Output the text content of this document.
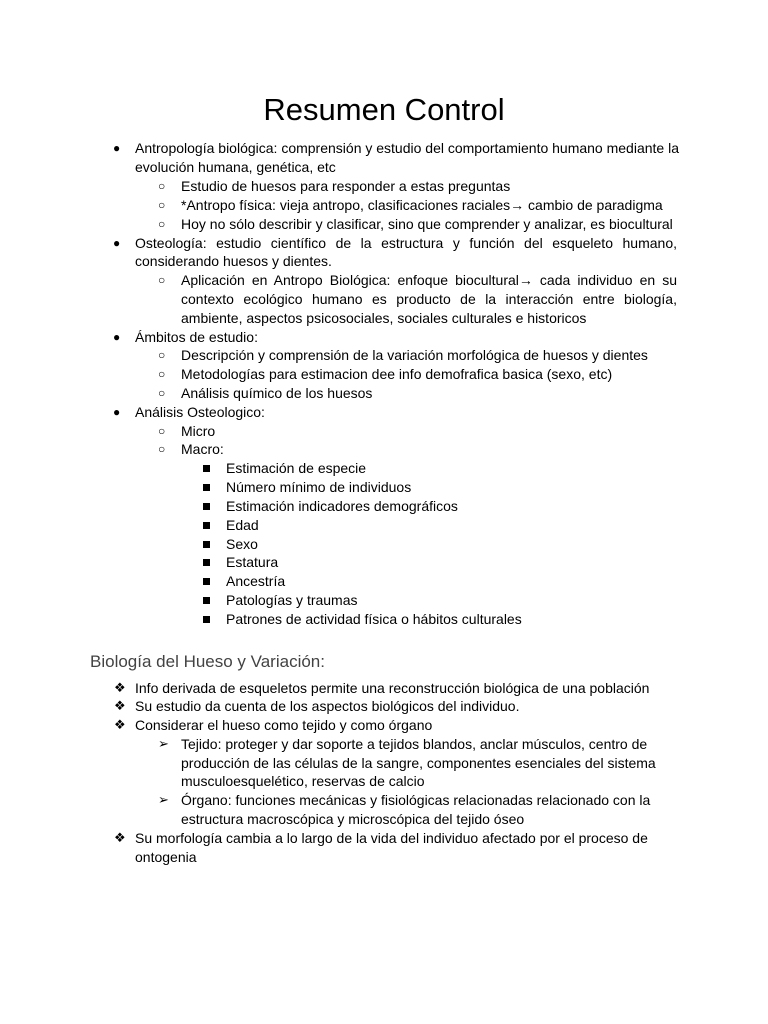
Resumen Control
● Antropología biológica: comprensión y estudio del comportamiento humano mediante la
evolución humana, genética, etc
○ Estudio de huesos para responder a estas preguntas
○ *Antropo física: vieja antropo, clasificaciones raciales→ cambio de paradigma
○ Hoy no sólo describir y clasificar, sino que comprender y analizar, es biocultural
● Osteología: estudio científico de la estructura y función del esqueleto humano,
considerando huesos y dientes.
○ Aplicación en Antropo Biológica: enfoque biocultural→ cada individuo en su
contexto ecológico humano es producto de la interacción entre biología,
ambiente, aspectos psicosociales, sociales culturales e historicos
● Ámbitos de estudio:
○ Descripción y comprensión de la variación morfológica de huesos y dientes
○ Metodologías para estimacion dee info demofrafica basica (sexo, etc)
○ Análisis químico de los huesos
● Análisis Osteologico:
○ Micro
○ Macro:
Estimación de especie
Número mínimo de individuos
Estimación indicadores demográficos
Edad
Sexo
Estatura
Ancestría
Patologías y traumas
Patrones de actividad física o hábitos culturales
Biología del Hueso y Variación:
❖ Info derivada de esqueletos permite una reconstrucción biológica de una población
❖ Su estudio da cuenta de los aspectos biológicos del individuo.
❖ Considerar el hueso como tejido y como órgano
➢ Tejido: proteger y dar soporte a tejidos blandos, anclar músculos, centro de
producción de las células de la sangre, componentes esenciales del sistema
musculoesquelético, reservas de calcio
➢ Órgano: funciones mecánicas y fisiológicas relacionadas relacionado con la
estructura macroscópica y microscópica del tejido óseo
❖ Su morfología cambia a lo largo de la vida del individuo afectado por el proceso de
ontogenia
